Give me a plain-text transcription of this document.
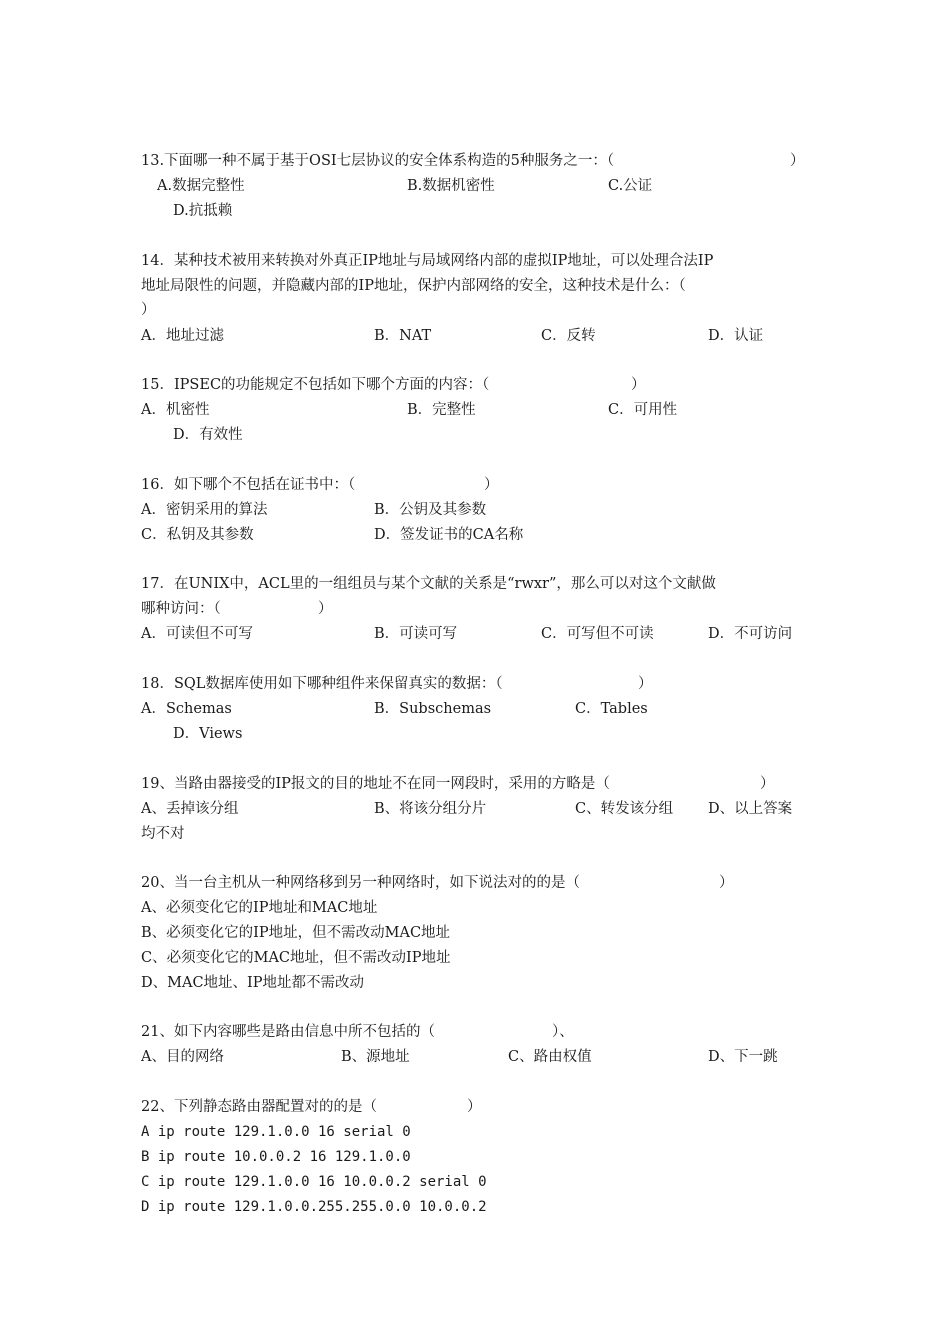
13.下面哪一种不属于基于OSI七层协议的安全体系构造的5种服务之一：（	）
A.数据完整性	B.数据机密性	C.公证
D.抗抵赖
14．某种技术被用来转换对外真正IP地址与局域网络内部的虚拟IP地址，可以处理合法IP
地址局限性的问题，并隐藏内部的IP地址，保护内部网络的安全，这种技术是什么：（
）
A．地址过滤	B．NAT	C．反转	D．认证
15．IPSEC的功能规定不包括如下哪个方面的内容：（	）
A．机密性	B．完整性	C．可用性
D．有效性
16．如下哪个不包括在证书中：（	）
A．密钥采用的算法	B．公钥及其参数
C．私钥及其参数	D．签发证书的CA名称
17．在UNIX中，ACL里的一组组员与某个文献的关系是“rwxr”，那么可以对这个文献做
哪种访问：（	）
A．可读但不可写	B．可读可写	C．可写但不可读	D．不可访问
18．SQL数据库使用如下哪种组件来保留真实的数据：（	）
A．Schemas	B．Subschemas	C．Tables
D．Views
19、当路由器接受的IP报文的目的地址不在同一网段时，采用的方略是（	）
A、丢掉该分组	B、将该分组分片	C、转发该分组 D、以上答案
均不对
20、当一台主机从一种网络移到另一种网络时，如下说法对的的是（	）
A、必须变化它的IP地址和MAC地址
B、必须变化它的IP地址，但不需改动MAC地址
C、必须变化它的MAC地址，但不需改动IP地址
D、MAC地址、IP地址都不需改动
21、如下内容哪些是路由信息中所不包括的（	）、
A、目的网络	B、源地址	C、路由权值	D、下一跳
22、下列静态路由器配置对的的是（	）
A ip route 129.1.0.0 16 serial 0
B ip route 10.0.0.2 16 129.1.0.0
C ip route 129.1.0.0 16 10.0.0.2 serial 0
D ip route 129.1.0.0.255.255.0.0 10.0.0.2
